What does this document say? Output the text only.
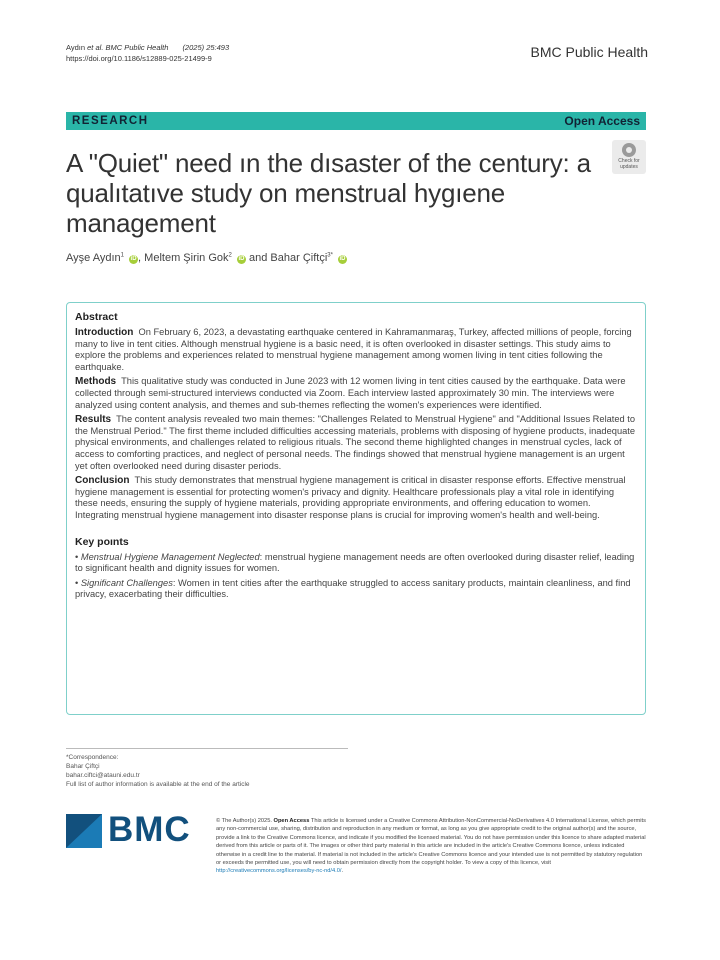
Aydın et al. BMC Public Health (2025) 25:493
https://doi.org/10.1186/s12889-025-21499-9	BMC Public Health
RESEARCH	Open Access
A "Quiet" need ın the dısaster of the century: a qualıtatıve study on menstrual hygıene management
Check for
updates
Ayşe Aydın$^1$ iD , Meltem Şirin Gok$^2$ iD and Bahar Çiftçi$^{3*}$ iD
Abstract

Introduction On February 6, 2023, a devastating earthquake centered in Kahramanmaraş, Turkey, affected millions of people, forcing many to live in tent cities. Although menstrual hygiene is a basic need, it is often overlooked in disaster settings. This study aims to explore the problems and experiences related to menstrual hygiene management among women living in tent cities following the earthquake.

Methods This qualitative study was conducted in June 2023 with 12 women living in tent cities caused by the earthquake. Data were collected through semi-structured interviews conducted via Zoom. Each interview lasted approximately 30 min. The interviews were analyzed using content analysis, and themes and sub-themes reflecting the women's experiences were identified.

Results The content analysis revealed two main themes: "Challenges Related to Menstrual Hygiene" and "Additional Issues Related to the Menstrual Period." The first theme included difficulties accessing materials, problems with disposing of hygiene products, inadequate physical environments, and challenges related to religious rituals. The second theme highlighted changes in menstrual cycles, lack of access to comforting practices, and neglect of personal needs. The findings showed that menstrual hygiene management is an urgent yet often overlooked need during disaster periods.

Conclusion This study demonstrates that menstrual hygiene management is critical in disaster response efforts. Effective menstrual hygiene management is essential for protecting women's privacy and dignity. Healthcare professionals play a vital role in identifying these needs, ensuring the supply of hygiene materials, providing appropriate environments, and offering education to women. Integrating menstrual hygiene management into disaster response plans is crucial for improving women's health and well-being.

Key poınts

• Menstrual Hygiene Management Neglected: menstrual hygiene management needs are often overlooked during disaster relief, leading to significant health and dignity issues for women.

• Significant Challenges: Women in tent cities after the earthquake struggled to access sanitary products, maintain cleanliness, and find privacy, exacerbating their difficulties.

*Correspondence:
Bahar Çiftçi
bahar.ciftci@atauni.edu.tr
Full list of author information is available at the end of the article
BMC	© The Author(s) 2025. Open Access This article is licensed under a Creative Commons Attribution-NonCommercial-NoDerivatives 4.0 International License, which permits any non-commercial use, sharing, distribution and reproduction in any medium or format, as long as you give appropriate credit to the original author(s) and the source, provide a link to the Creative Commons licence, and indicate if you modified the licensed material. You do not have permission under this licence to share adapted material derived from this article or parts of it. The images or other third party material in this article are included in the article's Creative Commons licence, unless indicated otherwise in a credit line to the material. If material is not included in the article's Creative Commons licence and your intended use is not permitted by statutory regulation or exceeds the permitted use, you will need to obtain permission directly from the copyright holder. To view a copy of this licence, visit http://creativecommons.org/licenses/by-nc-nd/4.0/.
